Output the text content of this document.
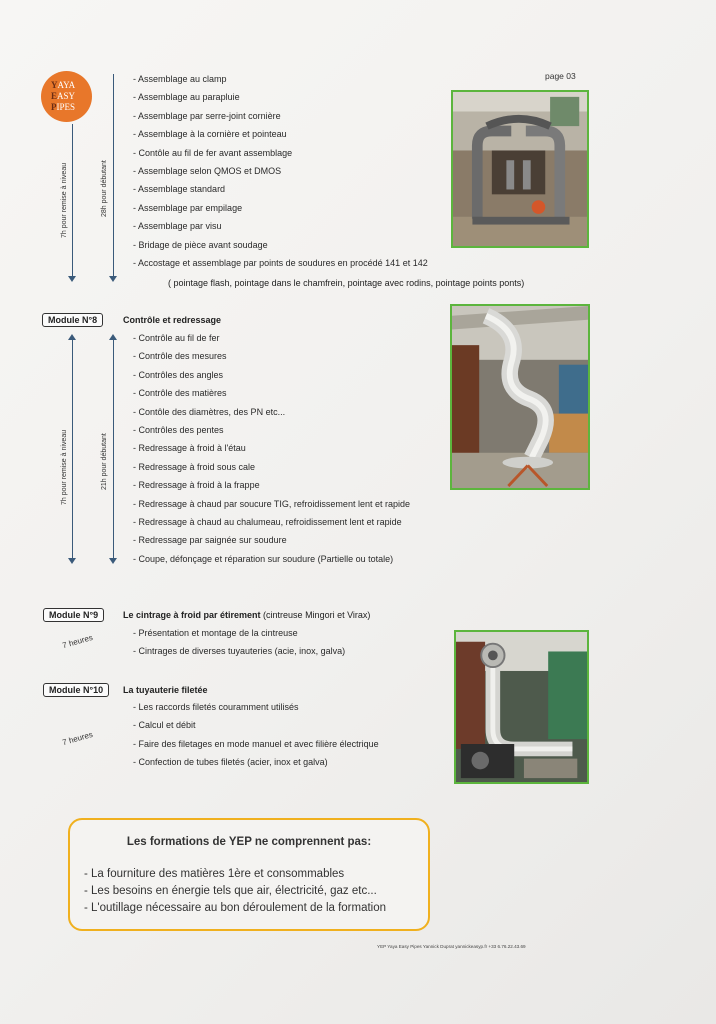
YAYA
EASY
PIPES
page 03
7h pour remise à niveau	28h pour débutant
- Assemblage au clamp
- Assemblage au parapluie
- Assemblage par serre-joint cornière
- Assemblage à la cornière et pointeau
- Contôle au fil de fer avant assemblage
- Assemblage selon QMOS et DMOS
- Assemblage standard
- Assemblage par empilage
- Assemblage par visu
- Bridage de pièce avant soudage
- Accostage et assemblage par points de soudures en procédé 141 et 142
( pointage flash, pointage dans le chamfrein, pointage avec rodins, pointage points ponts)
Module N°8	Contrôle et redressage
7h pour remise à niveau	21h pour débutant
- Contrôle au fil de fer
- Contrôle des mesures
- Contrôles des angles
- Contrôle des matières
- Contôle des diamètres, des PN etc...
- Contrôles des pentes
- Redressage à froid à l'étau
- Redressage à froid sous cale
- Redressage à froid à la frappe
- Redressage à chaud par soucure TIG, refroidissement lent et rapide
- Redressage à chaud au chalumeau, refroidissement lent et rapide
- Redressage par saignée sur soudure
- Coupe, défonçage et réparation sur soudure (Partielle ou totale)
Module N°9	Le cintrage à froid par étirement (cintreuse Mingori et Virax)
7 heures
-	Présentation et montage de la cintreuse
- Cintrages de diverses tuyauteries (acie, inox, galva)
Module N°10	La tuyauterie filetée
7 heures
- Les raccords filetés couramment utilisés
- Calcul et débit
- Faire des filetages en mode manuel et avec filière électrique
- Confection de tubes filetés (acier, inox et galva)
Les formations de YEP ne comprennent pas:
- La fourniture des matières 1ère et consommables
- Les besoins en énergie tels que air, électricité, gaz etc...
- L'outillage nécessaire au bon déroulement de la formation
YEP Yaya Easy Pipes Yannick Duprat yannickeasyp.fr +33 6.76.22.43.69
